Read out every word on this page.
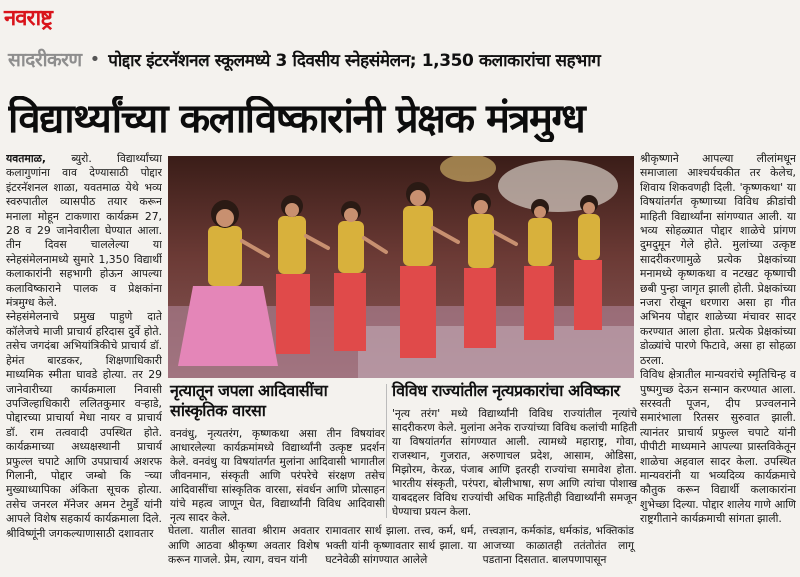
नवराष्ट्र
सादरीकरण • पोद्दार इंटरनॅशनल स्कूलमध्ये 3 दिवसीय स्नेहसंमेलन; 1,350 कलाकारांचा सहभाग
विद्यार्थ्यांच्या कलाविष्कारांनी प्रेक्षक मंत्रमुग्ध

यवतमाळ, ब्युरो. विद्यार्थ्यांच्या कलागुणांना वाव देण्यासाठी पोद्दार इंटरनॅशनल शाळा, यवतमाळ येथे भव्य स्वरुपातील व्यासपीठ तयार करून मनाला मोहून टाकणारा कार्यक्रम 27, 28 व 29 जानेवारीला घेण्यात आला. तीन दिवस चाललेल्या या स्नेहसंमेलनामध्ये सुमारे 1,350 विद्यार्थी कलाकारांनी सहभागी होऊन आपल्या कलाविष्काराने पालक व प्रेक्षकांना मंत्रमुग्ध केले.

स्नेहसंमेलनाचे प्रमुख पाहुणे दाते कॉलेजचे माजी प्राचार्य हरिदास दुर्वे होते. तसेच जगदंबा अभियांत्रिकीचे प्राचार्य डॉ. हेमंत बारडकर, शिक्षणाधिकारी माध्यमिक स्मीता घावडे होत्या. तर 29 जानेवारीच्या कार्यक्रमाला निवासी उपजिल्हाधिकारी ललितकुमार वऱ्हाडे, पोद्दारच्या प्राचार्या मेधा नायर व प्राचार्य डॉ. राम तत्ववादी उपस्थित होते. कार्यक्रमाच्या अध्यक्षस्थानी प्राचार्य प्रफुल्ल चपाटे आणि उपप्राचार्य अशरफ गिलानी, पोद्दार जम्बो कि ऱ्च्या मुख्याध्यापिका अंकिता सूचक होत्या. तसेच जनरल मॅनेजर अमन टेमुर्डे यांनी आपले विशेष सहकार्य कार्यक्रमाला दिले. श्रीविष्णूंनी जगकल्याणासाठी दशावतार

नृत्यातून जपला आदिवासींचा सांस्कृतिक वारसा
वनवंधु, नृत्यतरंग, कृष्णकथा असा तीन विषयांवर आधारलेल्या कार्यक्रमांमध्ये विद्यार्थ्यांनी उत्कृष्ट प्रदर्शन केले. वनवंधु या विषयांतर्गत मुलांना आदिवासी भागातील जीवनमान, संस्कृती आणि परंपरेचे संरक्षण तसेच आदिवासींचा सांस्कृतिक वारसा, संवर्धन आणि प्रोत्साहन यांचे महत्व जाणून घेत, विद्यार्थ्यांनी विविध आदिवासी नृत्य सादर केले.
विविध राज्यांतील नृत्यप्रकारांचा अविष्कार
'नृत्य तरंग' मध्ये विद्यार्थ्यांनी विविध राज्यांतील नृत्यांचे सादरीकरण केले. मुलांना अनेक राज्यांच्या विविध कलांची माहिती या विषयांतर्गत सांगण्यात आली. त्यामध्ये महाराष्ट्र, गोवा, राजस्थान, गुजरात, अरुणाचल प्रदेश, आसाम, ओडिसा, मिझोरम, केरळ, पंजाब आणि इतरही राज्यांचा समावेश होता. भारतीय संस्कृती, परंपरा, बोलीभाषा, सण आणि त्यांचा पोशाख याबदद्दलर विविध राज्यांची अधिक माहितीही विद्यार्थ्यांनी समजून घेण्याचा प्रयत्न केला.
घेतला. यातील सातवा श्रीराम अवतार आणि आठवा श्रीकृष्ण अवतार विशेष करून गाजले. प्रेम, त्याग, वचन यांनी
रामावतार सार्थ झाला. तत्त्व, कर्म, धर्म, भक्ती यांनी कृष्णावतार सार्थ झाला. या घटनेवेळी सांगण्यात आलेले
तत्त्वज्ञान, कर्मकांड, धर्मकांड, भक्तिकांड आजच्या काळातही ततंतोतंत लागू पडताना दिसतात. बालपणापासून

श्रीकृष्णाने आपल्या लीलांमधून समाजाला आश्चर्यचकीत तर केलेच, शिवाय शिकवणही दिली. 'कृष्णकथा' या विषयांतर्गत कृष्णाच्या विविध क्रीडांची माहिती विद्यार्थ्यांना सांगण्यात आली. या भव्य सोहळ्यात पोद्दार शाळेचे प्रांगण दुमदुमून गेले होते. मुलांच्या उत्कृष्ट सादरीकरणामुळे प्रत्येक प्रेक्षकांच्या मनामध्ये कृष्णकथा व नटखट कृष्णाची छबी पुन्हा जागृत झाली होती. प्रेक्षकांच्या नजरा रोखून धरणारा असा हा गीत अभिनय पोद्दार शाळेच्या मंचावर सादर करण्यात आला होता. प्रत्येक प्रेक्षकांच्या डोळ्यांचे पारणे फिटावे, असा हा सोहळा ठरला.

विविध क्षेत्रातील मान्यवरांचे स्मृतिचिन्ह व पुष्पगुच्छ देऊन सन्मान करण्यात आला. सरस्वती पूजन, दीप प्रज्वलनाने समारंभाला रितसर सुरुवात झाली. त्यानंतर प्राचार्य प्रफुल्ल चपाटे यांनी पीपीटी माध्यमाने आपल्या प्रास्तविकेतून शाळेचा अहवाल सादर केला. उपस्थित मान्यवरांनी या भव्यदिव्य कार्यक्रमाचे कौतुक करून विद्यार्थी कलाकारांना शुभेच्छा दिल्या. पोद्दार शालेय गाणे आणि राष्ट्रगीताने कार्यक्रमाची सांगता झाली.
